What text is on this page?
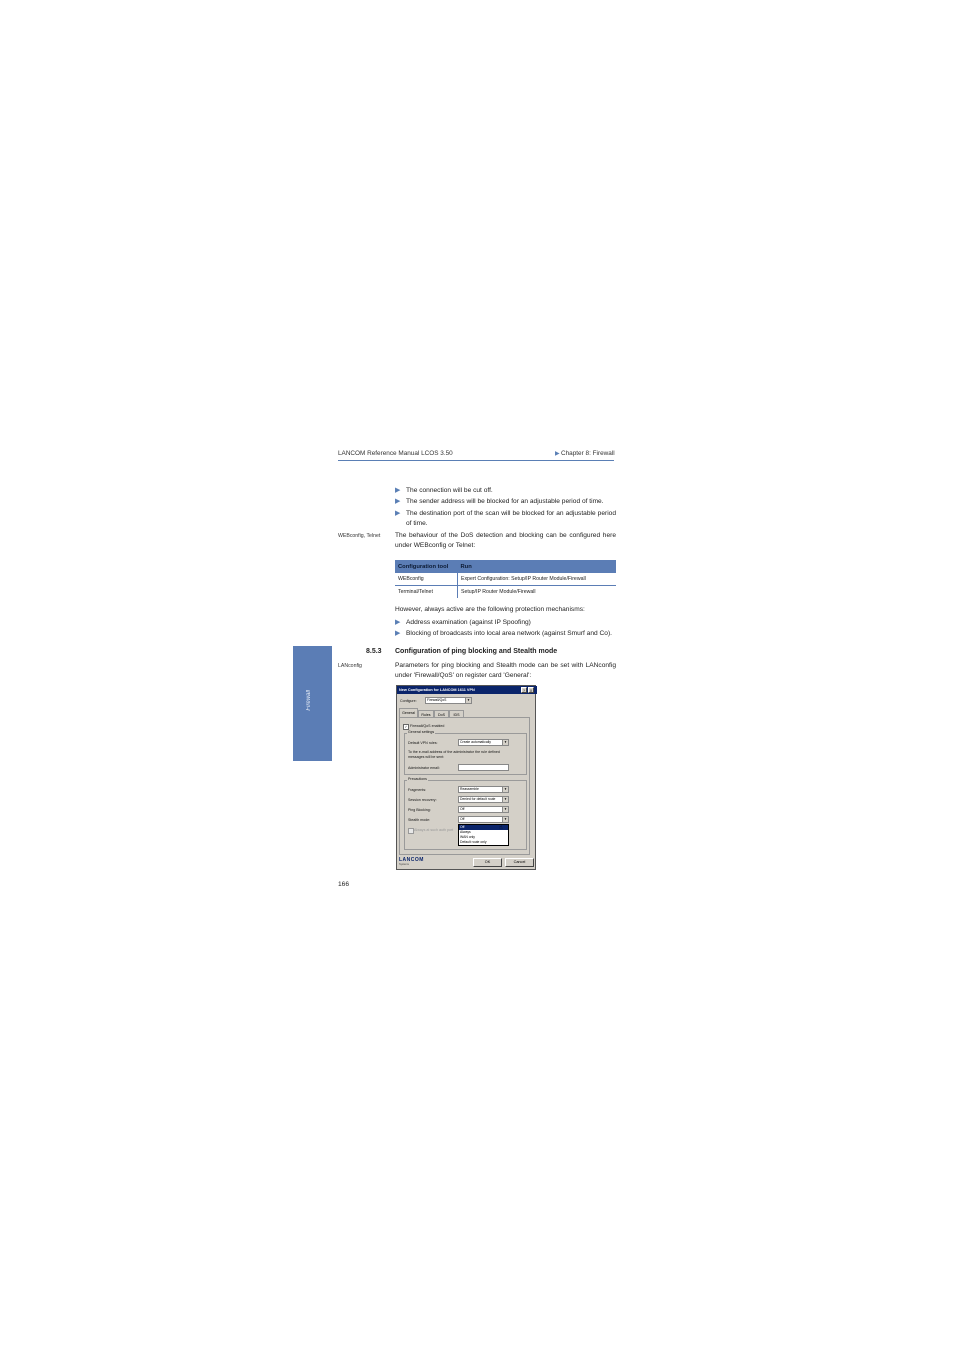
LANCOM Reference Manual LCOS 3.50	▶Chapter 8: Firewall
▶ The connection will be cut off.
▶ The sender address will be blocked for an adjustable period of time.
▶ The destination port of the scan will be blocked for an adjustable period of time.
WEBconfig, Telnet The behaviour of the DoS detection and blocking can be configured here under WEBconfig or Telnet:
Configuration tool	Run
WEBconfig	Expert Configuration: Setup/IP Router Module/Firewall
Terminal/Telnet	Setup/IP Router Module/Firewall
However, always active are the following protection mechanisms:
▶ Address examination (against IP Spoofing)
▶ Blocking of broadcasts into local area network (against Smurf and Co).
Firewall
8.5.3 Configuration of ping blocking and Stealth mode
LANconfig	Parameters for ping blocking and Stealth mode can be set with LANconfig under 'Firewall/QoS' on register card 'General':
New Configuration for LANCOM 1611 VPN	?	X
Configure:	Firewall/QoS	▼
General	Rules	DoS	IDS
✓ Firewall/QoS enabled
General settings
Default VPN rules:	Create automatically	▼
To the e-mail address of the administrator the rule defined
messages will be sent:
Administrator email:
Precautions
Fragments:	Reassemble	▼
Session recovery:	Denied for default route	▼
Ping Blocking:	Off	▼
Stealth mode:	Off	▼
Always at such auth port
Off
Always
WAN only
Default route only
☝
LANCOM
Systems
OK	Cancel
166
